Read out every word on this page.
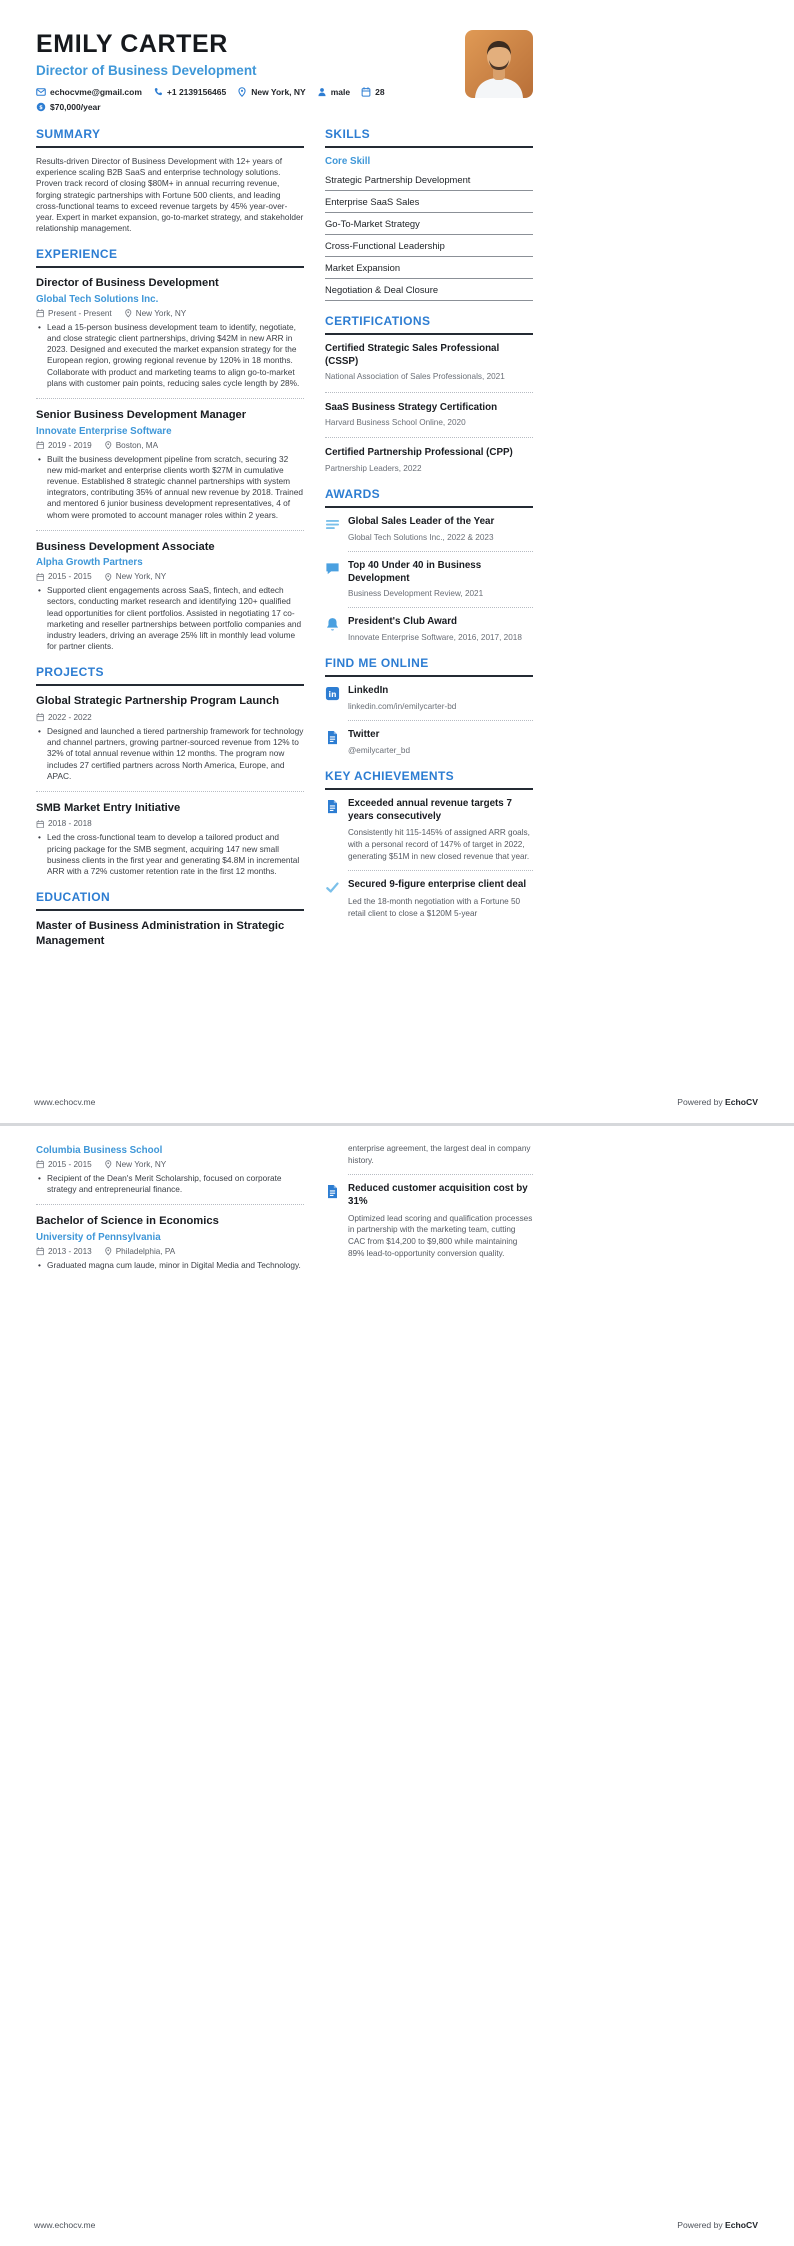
EMILY CARTER
Director of Business Development
echocvme@gmail.com	+1 2139156465	New York, NY	male	28
$70,000/year
SUMMARY

Results-driven Director of Business Development with 12+ years of experience scaling B2B SaaS and enterprise technology solutions. Proven track record of closing $80M+ in annual recurring revenue, forging strategic partnerships with Fortune 500 clients, and leading cross-functional teams to exceed revenue targets by 45% year-over-year. Expert in market expansion, go-to-market strategy, and stakeholder relationship management.

EXPERIENCE
Director of Business Development
Global Tech Solutions Inc.
Present - Present	New York, NY

• Lead a 15-person business development team to identify, negotiate, and close strategic client partnerships, driving $42M in new ARR in 2023. Designed and executed the market expansion strategy for the European region, growing regional revenue by 120% in 18 months. Collaborate with product and marketing teams to align go-to-market plans with customer pain points, reducing sales cycle length by 28%.

Senior Business Development Manager
Innovate Enterprise Software
2019 - 2019	Boston, MA

• Built the business development pipeline from scratch, securing 32 new mid-market and enterprise clients worth $27M in cumulative revenue. Established 8 strategic channel partnerships with system integrators, contributing 35% of annual new revenue by 2018. Trained and mentored 6 junior business development representatives, 4 of whom were promoted to account manager roles within 2 years.

Business Development Associate
Alpha Growth Partners
2015 - 2015	New York, NY

• Supported client engagements across SaaS, fintech, and edtech sectors, conducting market research and identifying 120+ qualified lead opportunities for client portfolios. Assisted in negotiating 17 co-marketing and reseller partnerships between portfolio companies and industry leaders, driving an average 25% lift in monthly lead volume for partner clients.

PROJECTS
Global Strategic Partnership Program Launch
2022 - 2022

• Designed and launched a tiered partnership framework for technology and channel partners, growing partner-sourced revenue from 12% to 32% of total annual revenue within 12 months. The program now includes 27 certified partners across North America, Europe, and APAC.

SMB Market Entry Initiative
2018 - 2018

• Led the cross-functional team to develop a tailored product and pricing package for the SMB segment, acquiring 147 new small business clients in the first year and generating $4.8M in incremental ARR with a 72% customer retention rate in the first 12 months.

EDUCATION
Master of Business Administration in Strategic Management
SKILLS
Core Skill
Strategic Partnership Development
Enterprise SaaS Sales
Go-To-Market Strategy
Cross-Functional Leadership
Market Expansion
Negotiation & Deal Closure
CERTIFICATIONS
Certified Strategic Sales Professional (CSSP)
National Association of Sales Professionals, 2021
SaaS Business Strategy Certification
Harvard Business School Online, 2020
Certified Partnership Professional (CPP)
Partnership Leaders, 2022
AWARDS
Global Sales Leader of the Year
Global Tech Solutions Inc., 2022 & 2023
Top 40 Under 40 in Business Development
Business Development Review, 2021
President's Club Award
Innovate Enterprise Software, 2016, 2017, 2018
FIND ME ONLINE
LinkedIn
linkedin.com/in/emilycarter-bd
Twitter
@emilycarter_bd
KEY ACHIEVEMENTS
Exceeded annual revenue targets 7 years consecutively
Consistently hit 115-145% of assigned ARR goals, with a personal record of 147% of target in 2022, generating $51M in new closed revenue that year.
Secured 9-figure enterprise client deal
Led the 18-month negotiation with a Fortune 50 retail client to close a $120M 5-year
www.echocv.me	Powered by EchoCV
Columbia Business School
2015 - 2015	New York, NY

• Recipient of the Dean's Merit Scholarship, focused on corporate strategy and entrepreneurial finance.

Bachelor of Science in Economics
University of Pennsylvania
2013 - 2013	Philadelphia, PA

• Graduated magna cum laude, minor in Digital Media and Technology.

enterprise agreement, the largest deal in company history.
Reduced customer acquisition cost by 31%
Optimized lead scoring and qualification processes in partnership with the marketing team, cutting CAC from $14,200 to $9,800 while maintaining 89% lead-to-opportunity conversion quality.
www.echocv.me	Powered by EchoCV
